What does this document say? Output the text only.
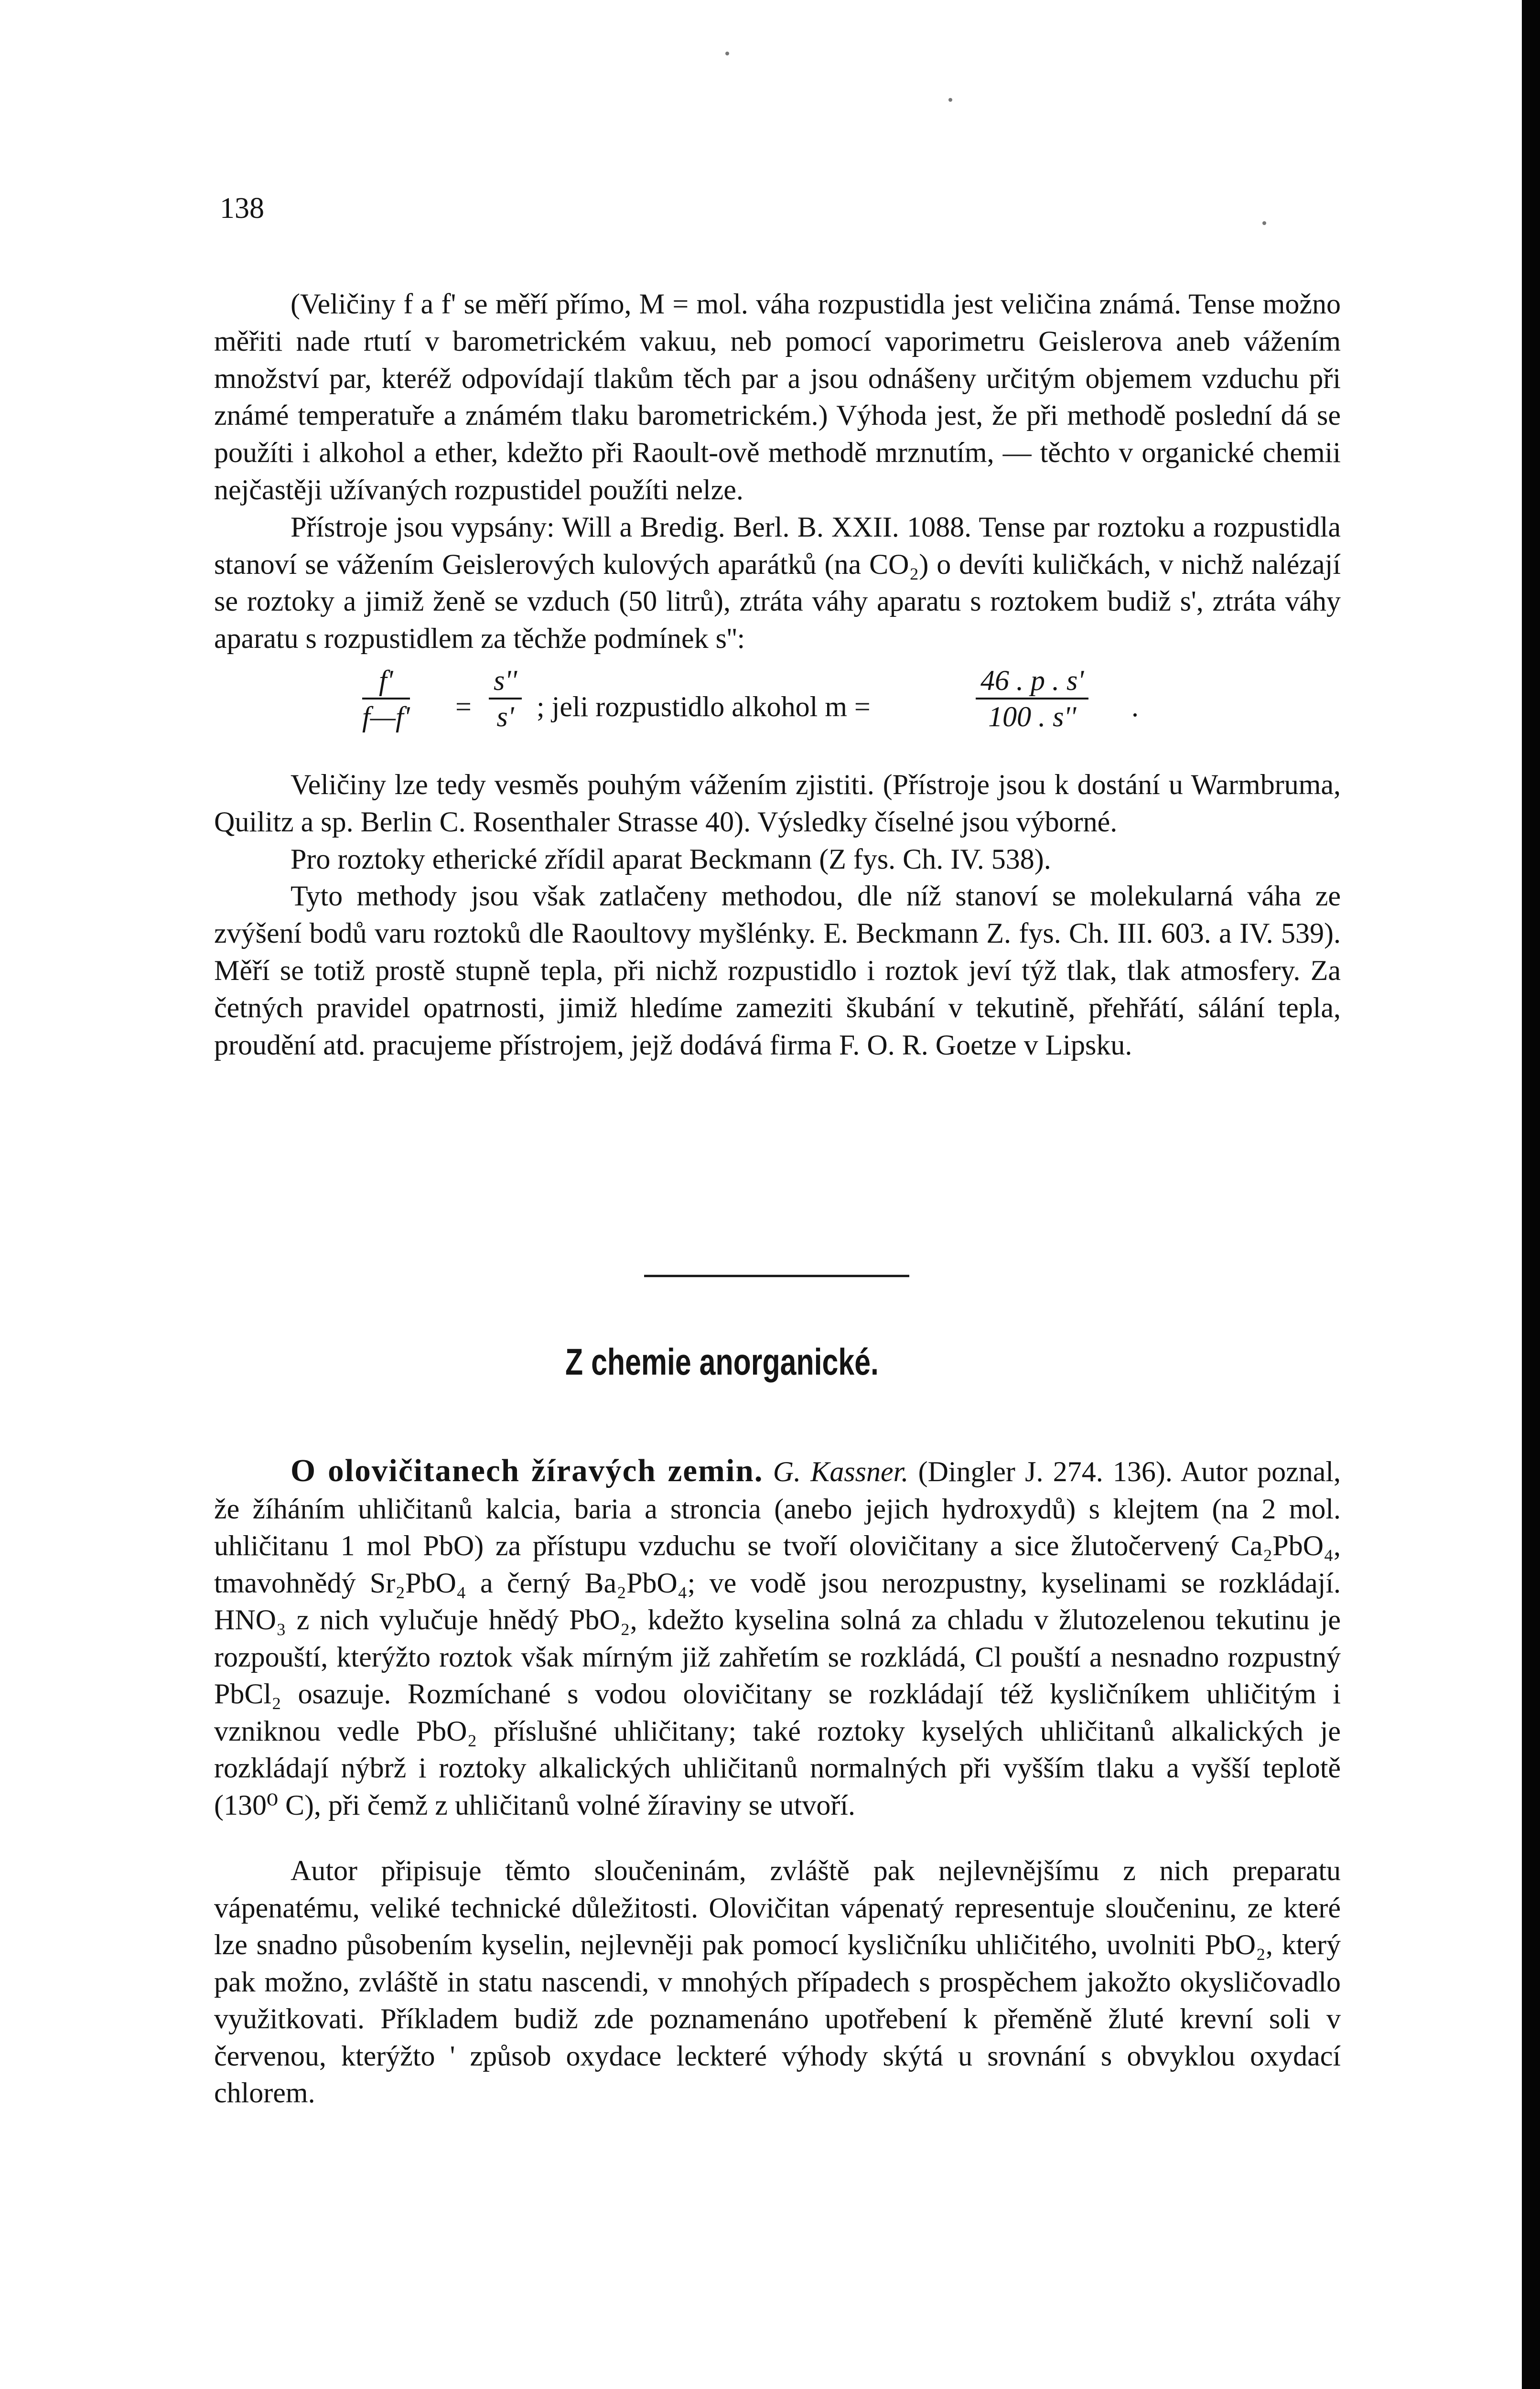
138

(Veličiny f a f' se měří přímo, M = mol. váha rozpustidla jest veličina známá. Tense možno měřiti nade rtutí v barometrickém vakuu, neb pomocí vaporimetru Geislerova aneb vážením množství par, kteréž odpovídají tlakům těch par a jsou odnášeny určitým objemem vzduchu při známé temperatuře a známém tlaku barometrickém.) Výhoda jest, že při methodě poslední dá se použíti i alkohol a ether, kdežto při Raoult-ově methodě mrznutím, — těchto v organické chemii nejčastěji užívaných rozpustidel použíti nelze.

Přístroje jsou vypsány: Will a Bredig. Berl. B. XXII. 1088. Tense par roztoku a rozpustidla stanoví se vážením Geislerových kulových aparátků (na CO₂) o devíti kuličkách, v nichž nalézají se roztoky a jimiž ženě se vzduch (50 litrů), ztráta váhy aparatu s roztokem budiž s', ztráta váhy aparatu s rozpustidlem za těchže podmínek s'':

$\frac{f'}{f—f'} = \frac{s''}{s'}$ ; jeli rozpustidlo alkohol m =	$\frac{46 . p . s'}{100 . s''}$ .

Veličiny lze tedy vesměs pouhým vážením zjistiti. (Přístroje jsou k dostání u Warmbruma, Quilitz a sp. Berlin C. Rosenthaler Strasse 40). Výsledky číselné jsou výborné.

Pro roztoky etherické zřídil aparat Beckmann (Z fys. Ch. IV. 538).

Tyto methody jsou však zatlačeny methodou, dle níž stanoví se molekularná váha ze zvýšení bodů varu roztoků dle Raoultovy myšlénky. E. Beckmann Z. fys. Ch. III. 603. a IV. 539). Měří se totiž prostě stupně tepla, při nichž rozpustidlo i roztok jeví týž tlak, tlak atmosfery. Za četných pravidel opatrnosti, jimiž hledíme zameziti škubání v tekutině, přehřátí, sálání tepla, proudění atd. pracujeme přístrojem, jejž dodává firma F. O. R. Goetze v Lipsku.

Z chemie anorganické.

O olovičitanech žíravých zemin. G. Kassner. (Dingler J. 274. 136). Autor poznal, že žíháním uhličitanů kalcia, baria a stroncia (anebo jejich hydroxydů) s klejtem (na 2 mol. uhličitanu 1 mol PbO) za přístupu vzduchu se tvoří olovičitany a sice žlutočervený Ca₂PbO₄, tmavohnědý Sr₂PbO₄ a černý Ba₂PbO₄; ve vodě jsou nerozpustny, kyselinami se rozkládají. HNO₃ z nich vylučuje hnědý PbO₂, kdežto kyselina solná za chladu v žlutozelenou tekutinu je rozpouští, kterýžto roztok však mírným již zahřetím se rozkládá, Cl pouští a nesnadno rozpustný PbCl₂ osazuje. Rozmíchané s vodou olovičitany se rozkládají též kysličníkem uhličitým i vzniknou vedle PbO₂ příslušné uhličitany; také roztoky kyselých uhličitanů alkalických je rozkládají nýbrž i roztoky alkalických uhličitanů normalných při vyšším tlaku a vyšší teplotě (130⁰ C), při čemž z uhličitanů volné žíraviny se utvoří.

Autor připisuje těmto sloučeninám, zvláště pak nejlevnějšímu z nich preparatu vápenatému, veliké technické důležitosti. Olovičitan vápenatý representuje sloučeninu, ze které lze snadno působením kyselin, nejlevněji pak pomocí kysličníku uhličitého, uvolniti PbO₂, který pak možno, zvláště in statu nascendi, v mnohých případech s prospěchem jakožto okysličovadlo využitkovati. Příkladem budiž zde poznamenáno upotřebení k přeměně žluté krevní soli v červenou, kterýžto ' způsob oxydace leckteré výhody skýtá u srovnání s obvyklou oxydací chlorem.
